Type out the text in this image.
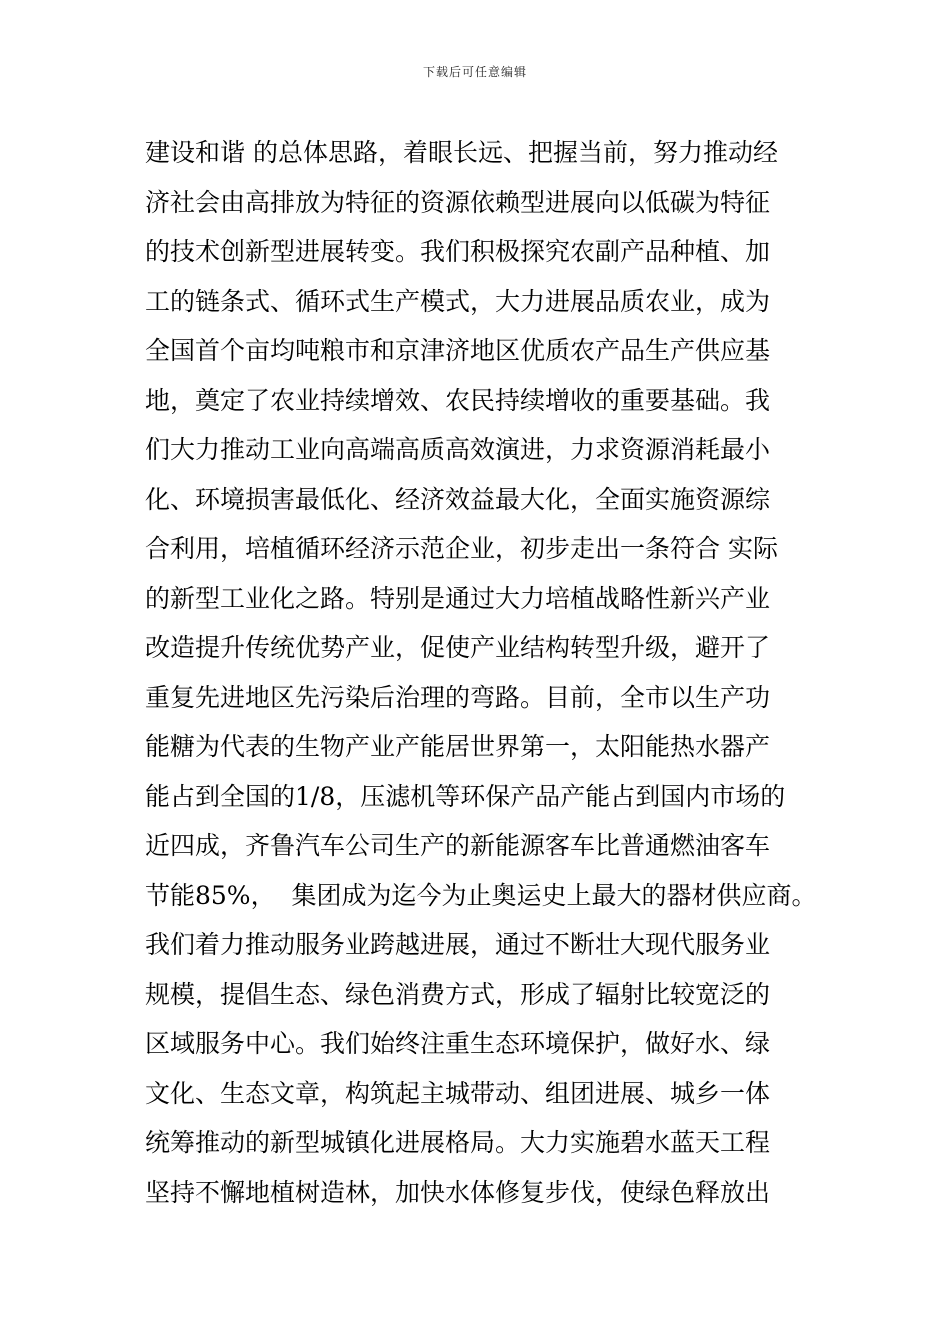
下载后可任意编辑
建设和谐 的总体思路，着眼长远、把握当前，努力推动经
济社会由高排放为特征的资源依赖型进展向以低碳为特征
的技术创新型进展转变。我们积极探究农副产品种植、加
工的链条式、循环式生产模式，大力进展品质农业，成为
全国首个亩均吨粮市和京津济地区优质农产品生产供应基
地，奠定了农业持续增效、农民持续增收的重要基础。我
们大力推动工业向高端高质高效演进，力求资源消耗最小
化、环境损害最低化、经济效益最大化，全面实施资源综
合利用，培植循环经济示范企业，初步走出一条符合 实际
的新型工业化之路。特别是通过大力培植战略性新兴产业
改造提升传统优势产业，促使产业结构转型升级，避开了
重复先进地区先污染后治理的弯路。目前，全市以生产功
能糖为代表的生物产业产能居世界第一，太阳能热水器产
能占到全国的1/8，压滤机等环保产品产能占到国内市场的
近四成，齐鲁汽车公司生产的新能源客车比普通燃油客车
节能85%，  集团成为迄今为止奥运史上最大的器材供应商。
我们着力推动服务业跨越进展，通过不断壮大现代服务业
规模，提倡生态、绿色消费方式，形成了辐射比较宽泛的
区域服务中心。我们始终注重生态环境保护，做好水、绿
文化、生态文章，构筑起主城带动、组团进展、城乡一体
统筹推动的新型城镇化进展格局。大力实施碧水蓝天工程
坚持不懈地植树造林，加快水体修复步伐，使绿色释放出
